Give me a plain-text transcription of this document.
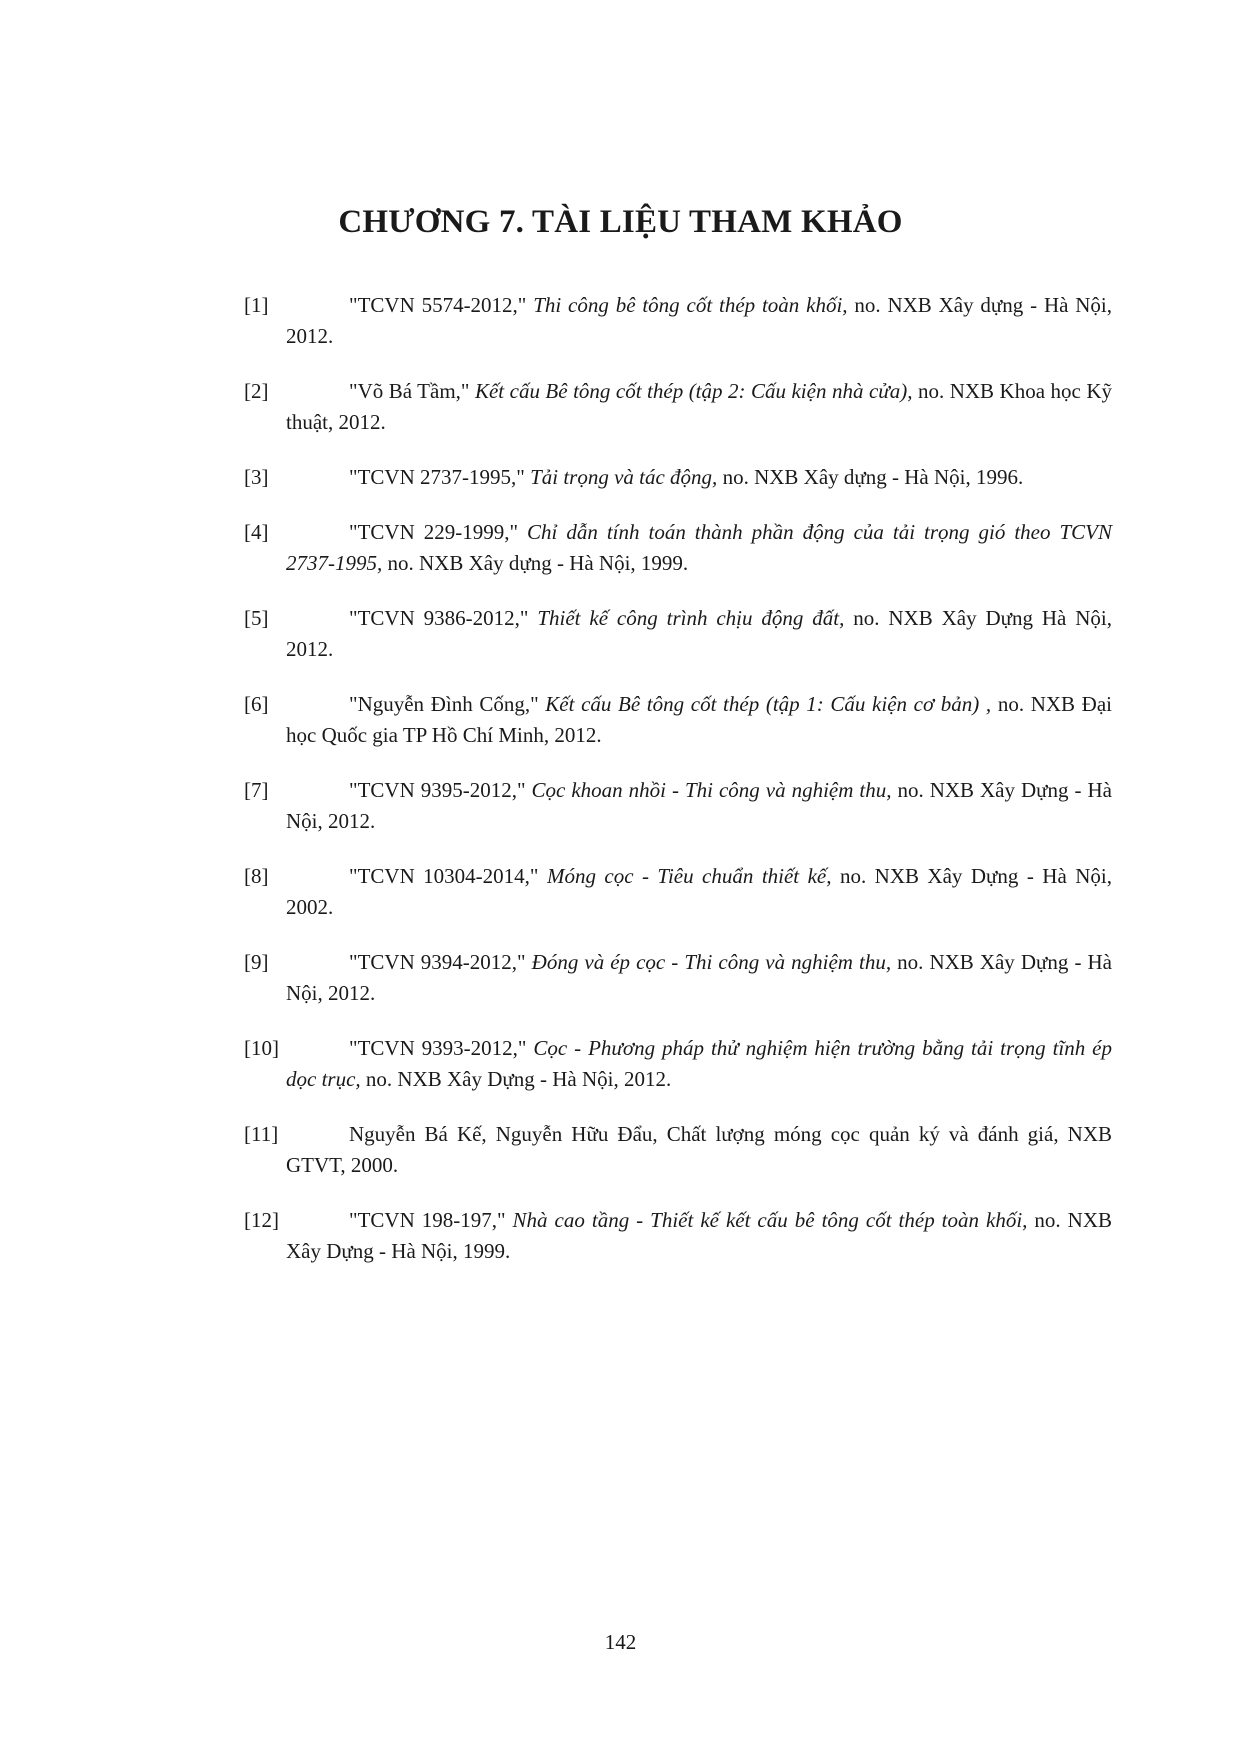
CHƯƠNG 7. TÀI LIỆU THAM KHẢO
[1]	"TCVN 5574-2012," Thi công bê tông cốt thép toàn khối, no. NXB Xây dựng - Hà Nội, 2012.
[2]	"Võ Bá Tầm," Kết cấu Bê tông cốt thép (tập 2: Cấu kiện nhà cửa), no. NXB Khoa học Kỹ thuật, 2012.
[3]	"TCVN 2737-1995," Tải trọng và tác động, no. NXB Xây dựng - Hà Nội, 1996.
[4]	"TCVN 229-1999," Chỉ dẫn tính toán thành phần động của tải trọng gió theo TCVN 2737-1995, no. NXB Xây dựng - Hà Nội, 1999.
[5]	"TCVN 9386-2012," Thiết kế công trình chịu động đất, no. NXB Xây Dựng Hà Nội, 2012.
[6]	"Nguyễn Đình Cống," Kết cấu Bê tông cốt thép (tập 1: Cấu kiện cơ bản) , no. NXB Đại học Quốc gia TP Hồ Chí Minh, 2012.
[7]	"TCVN 9395-2012," Cọc khoan nhồi - Thi công và nghiệm thu, no. NXB Xây Dựng - Hà Nội, 2012.
[8]	"TCVN 10304-2014," Móng cọc - Tiêu chuẩn thiết kế, no. NXB Xây Dựng - Hà Nội, 2002.
[9]	"TCVN 9394-2012," Đóng và ép cọc - Thi công và nghiệm thu, no. NXB Xây Dựng - Hà Nội, 2012.
[10]	"TCVN 9393-2012," Cọc - Phương pháp thử nghiệm hiện trường bằng tải trọng tĩnh ép dọc trục, no. NXB Xây Dựng - Hà Nội, 2012.
[11]	Nguyễn Bá Kế, Nguyễn Hữu Đẩu, Chất lượng móng cọc quản ký và đánh giá, NXB GTVT, 2000.
[12]	"TCVN 198-197," Nhà cao tầng - Thiết kế kết cấu bê tông cốt thép toàn khối, no. NXB Xây Dựng - Hà Nội, 1999.
142
